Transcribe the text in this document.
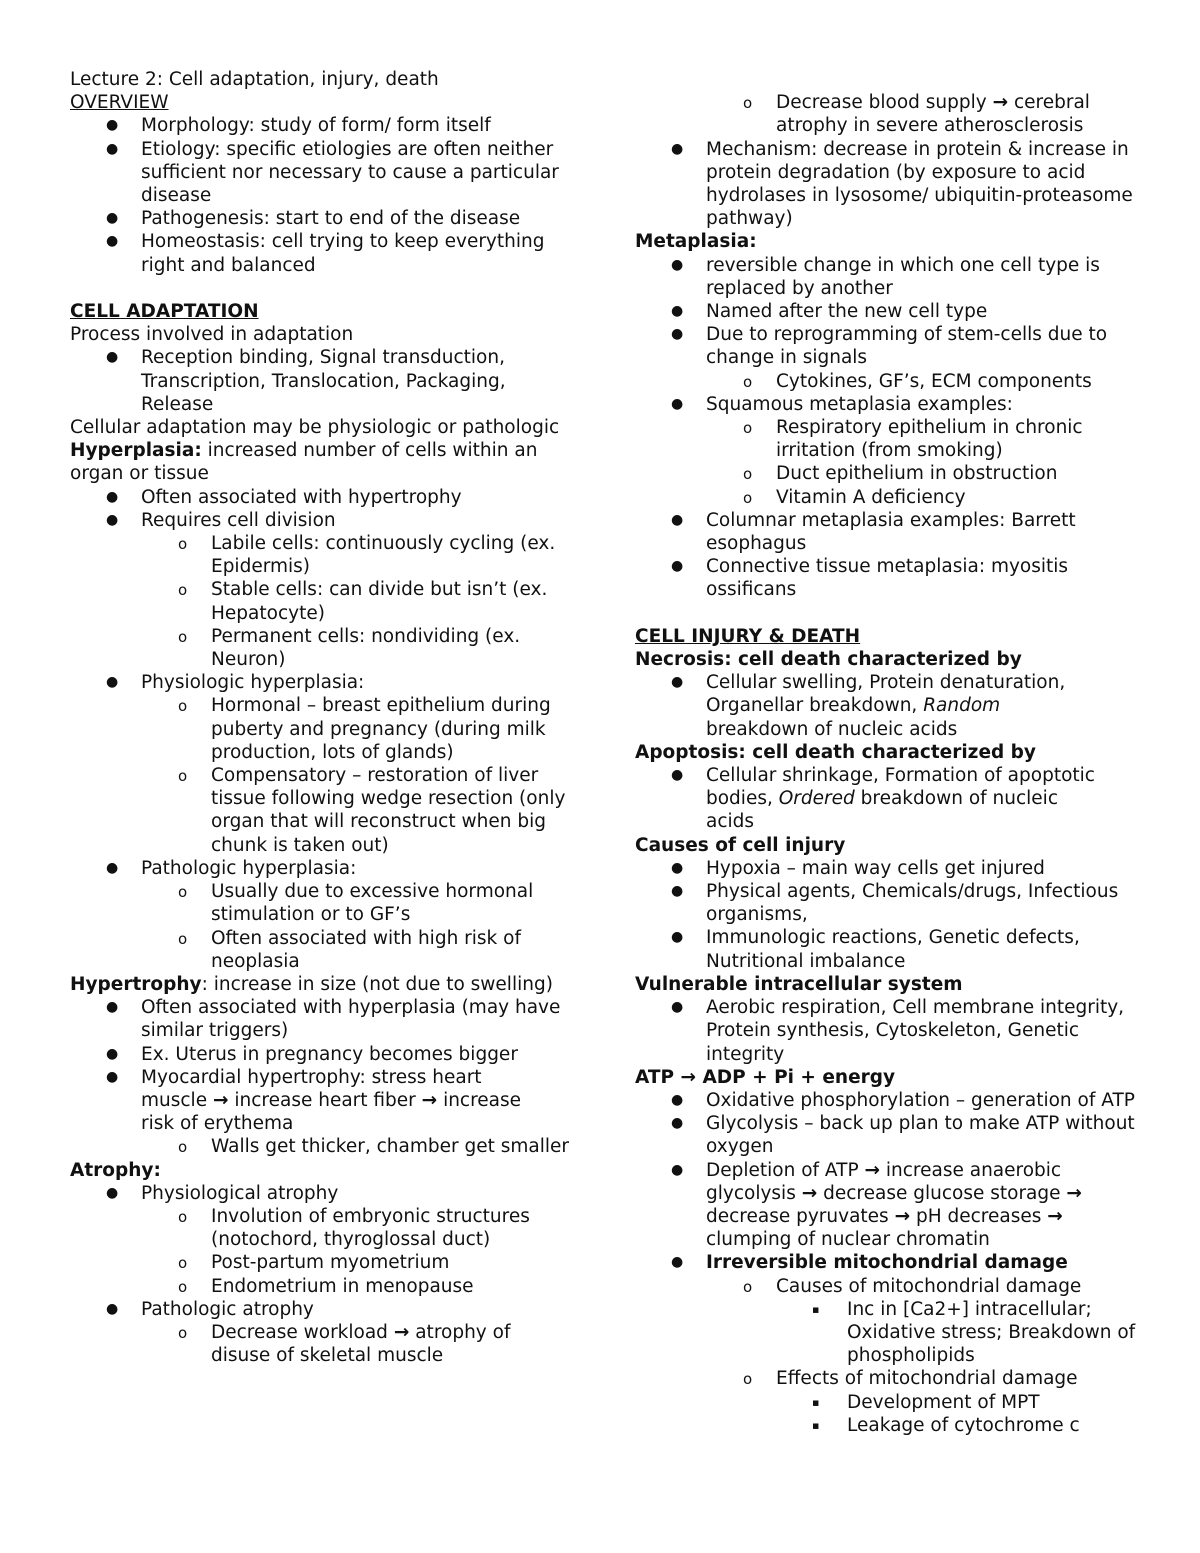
Lecture 2: Cell adaptation, injury, death
OVERVIEW
● Morphology: study of form/ form itself
● Etiology: specific etiologies are often neither sufficient nor necessary to cause a particular disease
● Pathogenesis: start to end of the disease
● Homeostasis: cell trying to keep everything right and balanced
CELL ADAPTATION
Process involved in adaptation
● Reception binding, Signal transduction, Transcription, Translocation, Packaging, Release
Cellular adaptation may be physiologic or pathologic
Hyperplasia: increased number of cells within an organ or tissue
● Often associated with hypertrophy
● Requires cell division
o Labile cells: continuously cycling (ex. Epidermis)
o Stable cells: can divide but isn’t (ex. Hepatocyte)
o Permanent cells: nondividing (ex. Neuron)
● Physiologic hyperplasia:
o Hormonal – breast epithelium during puberty and pregnancy (during milk production, lots of glands)
o Compensatory – restoration of liver tissue following wedge resection (only organ that will reconstruct when big chunk is taken out)
● Pathologic hyperplasia:
o Usually due to excessive hormonal stimulation or to GF’s
o Often associated with high risk of neoplasia
Hypertrophy: increase in size (not due to swelling)
● Often associated with hyperplasia (may have similar triggers)
● Ex. Uterus in pregnancy becomes bigger
● Myocardial hypertrophy: stress heart
muscle → increase heart fiber → increase
risk of erythema
o Walls get thicker, chamber get smaller
Atrophy:
● Physiological atrophy
o Involution of embryonic structures (notochord, thyroglossal duct)
o Post-partum myometrium
o Endometrium in menopause
● Pathologic atrophy
o Decrease workload → atrophy of
disuse of skeletal muscle
o Decrease blood supply → cerebral
atrophy in severe atherosclerosis
● Mechanism: decrease in protein & increase in protein degradation (by exposure to acid hydrolases in lysosome/ ubiquitin-proteasome pathway)
Metaplasia:
● reversible change in which one cell type is replaced by another
● Named after the new cell type
● Due to reprogramming of stem-cells due to change in signals
o Cytokines, GF’s, ECM components
● Squamous metaplasia examples:
o Respiratory epithelium in chronic irritation (from smoking)
o Duct epithelium in obstruction
o Vitamin A deficiency
● Columnar metaplasia examples: Barrett esophagus
● Connective tissue metaplasia: myositis ossificans
CELL INJURY & DEATH
Necrosis: cell death characterized by
● Cellular swelling, Protein denaturation,
Organellar breakdown, Random
breakdown of nucleic acids
Apoptosis: cell death characterized by
● Cellular shrinkage, Formation of apoptotic
bodies, Ordered breakdown of nucleic
acids
Causes of cell injury
● Hypoxia – main way cells get injured
● Physical agents, Chemicals/drugs, Infectious organisms,
● Immunologic reactions, Genetic defects, Nutritional imbalance
Vulnerable intracellular system
● Aerobic respiration, Cell membrane integrity, Protein synthesis, Cytoskeleton, Genetic integrity
ATP → ADP + Pi + energy
● Oxidative phosphorylation – generation of ATP
● Glycolysis – back up plan to make ATP without oxygen
● Depletion of ATP → increase anaerobic
glycolysis → decrease glucose storage →
decrease pyruvates → pH decreases →
clumping of nuclear chromatin
● Irreversible mitochondrial damage
o Causes of mitochondrial damage
▪ Inc in [Ca2+] intracellular; Oxidative stress; Breakdown of phospholipids
o Effects of mitochondrial damage
▪ Development of MPT
▪ Leakage of cytochrome c
